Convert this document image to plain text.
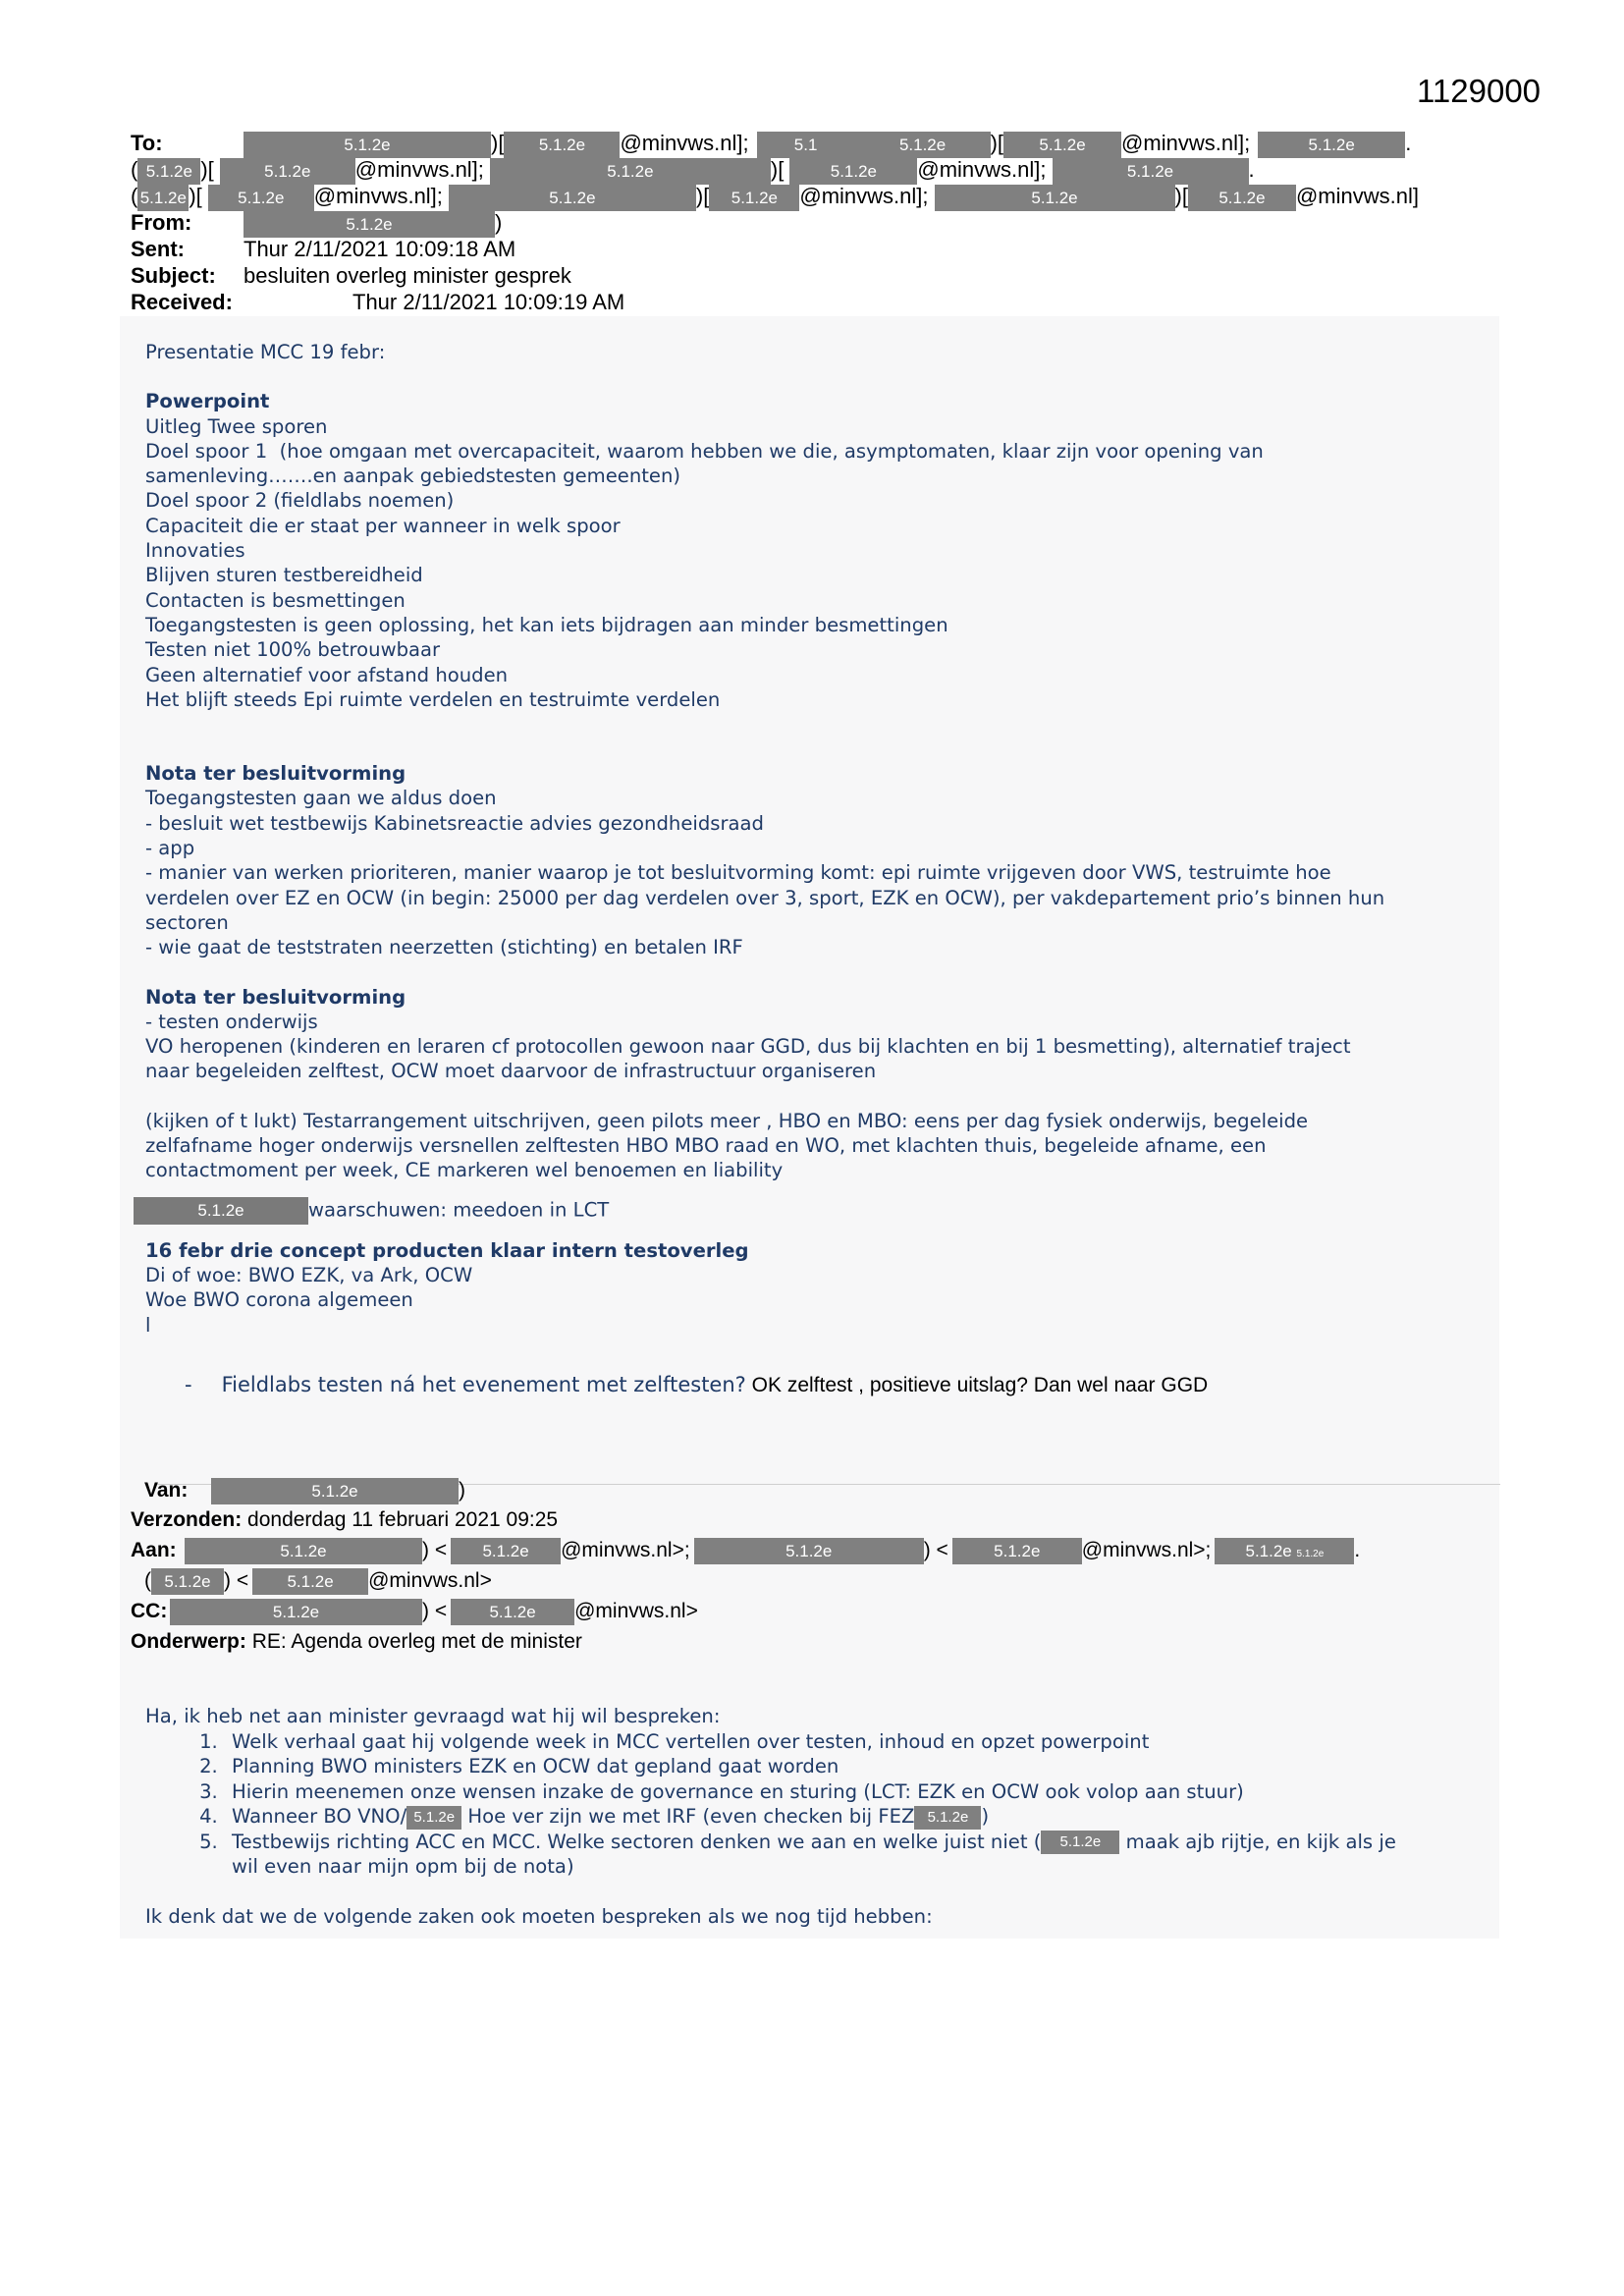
1129000
To:	5.1.2e	)[ 5.1.2e @minvws.nl];	5.1	5.1.2e )[ 5.1.2e @minvws.nl];	5.1.2e .
( 5.1.2e )[	5.1.2e @minvws.nl];	5.1.2e	)[	5.1.2e @minvws.nl];	5.1.2e	.
( 5.1.2e )[ 5.1.2e @minvws.nl];	5.1.2e	)[ 5.1.2e @minvws.nl];	5.1.2e	)[ 5.1.2e @minvws.nl]
From:	5.1.2e	)
Sent:	Thur 2/11/2021 10:09:18 AM
Subject: besluiten overleg minister gesprek
Received:	Thur 2/11/2021 10:09:19 AM

Presentatie MCC 19 febr:

Powerpoint

Uitleg Twee sporen

Doel spoor 1  (hoe omgaan met overcapaciteit, waarom hebben we die, asymptomaten, klaar zijn voor opening van

samenleving…….en aanpak gebiedstesten gemeenten)

Doel spoor 2 (fieldlabs noemen)

Capaciteit die er staat per wanneer in welk spoor

Innovaties

Blijven sturen testbereidheid

Contacten is besmettingen

Toegangstesten is geen oplossing, het kan iets bijdragen aan minder besmettingen

Testen niet 100% betrouwbaar

Geen alternatief voor afstand houden

Het blijft steeds Epi ruimte verdelen en testruimte verdelen

Nota ter besluitvorming

Toegangstesten gaan we aldus doen

- besluit wet testbewijs Kabinetsreactie advies gezondheidsraad

- app

- manier van werken prioriteren, manier waarop je tot besluitvorming komt: epi ruimte vrijgeven door VWS, testruimte hoe

verdelen over EZ en OCW (in begin: 25000 per dag verdelen over 3, sport, EZK en OCW), per vakdepartement prio’s binnen hun

sectoren

- wie gaat de teststraten neerzetten (stichting) en betalen IRF

Nota ter besluitvorming

- testen onderwijs

VO heropenen (kinderen en leraren cf protocollen gewoon naar GGD, dus bij klachten en bij 1 besmetting), alternatief traject

naar begeleiden zelftest, OCW moet daarvoor de infrastructuur organiseren

(kijken of t lukt) Testarrangement uitschrijven, geen pilots meer , HBO en MBO: eens per dag fysiek onderwijs, begeleide

zelfafname hoger onderwijs versnellen zelftesten HBO MBO raad en WO, met klachten thuis, begeleide afname, een

contactmoment per week, CE markeren wel benoemen en liability

5.1.2e	waarschuwen: meedoen in LCT

16 febr drie concept producten klaar intern testoverleg

Di of woe: BWO EZK, va Ark, OCW

Woe BWO corona algemeen

l

- Fieldlabs testen ná het evenement met zelftesten? OK zelftest , positieve uitslag? Dan wel naar GGD
Van:	5.1.2e	)
Verzonden: donderdag 11 februari 2021 09:25
Aan:	5.1.2e	) < 5.1.2e @minvws.nl>;	5.1.2e	) <	5.1.2e @minvws.nl>; 5.1.2e 5.1.2e .
( 5.1.2e ) < 5.1.2e @minvws.nl>
CC:	5.1.2e	) <	5.1.2e @minvws.nl>
Onderwerp: RE: Agenda overleg met de minister

Ha, ik heb net aan minister gevraagd wat hij wil bespreken:

1. Welk verhaal gaat hij volgende week in MCC vertellen over testen, inhoud en opzet powerpoint
2. Planning BWO ministers EZK en OCW dat gepland gaat worden
3. Hierin meenemen onze wensen inzake de governance en sturing (LCT: EZK en OCW ook volop aan stuur)
4. Wanneer BO VNO/ 5.1.2e Hoe ver zijn we met IRF (even checken bij FEZ 5.1.2e )
5. Testbewijs richting ACC en MCC. Welke sectoren denken we aan en welke juist niet ( 5.1.2e maak ajb rijtje, en kijk als je
wil even naar mijn opm bij de nota)

Ik denk dat we de volgende zaken ook moeten bespreken als we nog tijd hebben:
